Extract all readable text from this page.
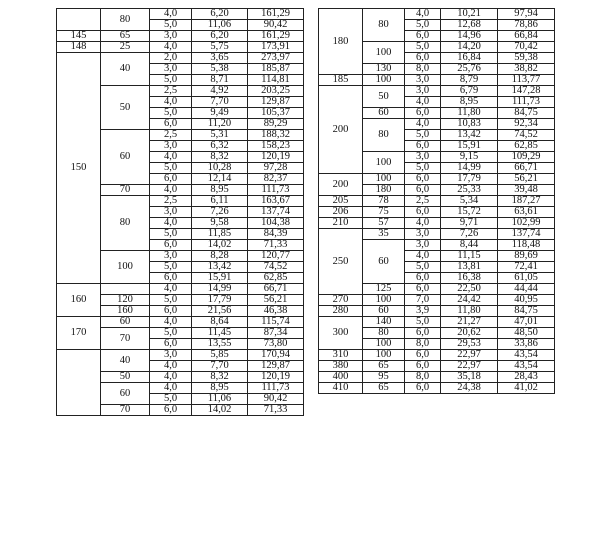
	80	4,0	6,20	161,29
		5,0	11,06	90,42
145	65	3,0	6,20	161,29
148	25	4,0	5,75	173,91
150	40	2,0	3,65	273,97
		3,0	5,38	185,87
		5,0	8,71	114,81
	50	2,5	4,92	203,25
		4,0	7,70	129,87
		5,0	9,49	105,37
		6,0	11,20	89,29
	60	2,5	5,31	188,32
		3,0	6,32	158,23
		4,0	8,32	120,19
		5,0	10,28	97,28
		6,0	12,14	82,37
	70	4,0	8,95	111,73
	80	2,5	6,11	163,67
		3,0	7,26	137,74
		4,0	9,58	104,38
		5,0	11,85	84,39
		6,0	14,02	71,33
	100	3,0	8,28	120,77
		5,0	13,42	74,52
		6,0	15,91	62,85
160		4,0	14,99	66,71
	120	5,0	17,79	56,21
	160	6,0	21,56	46,38
170	60	4,0	8,64	115,74
	70	5,0	11,45	87,34
		6,0	13,55	73,80
	40	3,0	5,85	170,94
		4,0	7,70	129,87
	50	4,0	8,32	120,19
	60	4,0	8,95	111,73
		5,0	11,06	90,42
	70	6,0	14,02	71,33
180	80	4,0	10,21	97,94
		5,0	12,68	78,86
		6,0	14,96	66,84
	100	5,0	14,20	70,42
		6,0	16,84	59,38
	130	8,0	25,76	38,82
185	100	3,0	8,79	113,77
200	50	3,0	6,79	147,28
		4,0	8,95	111,73
	60	6,0	11,80	84,75
	80	4,0	10,83	92,34
		5,0	13,42	74,52
		6,0	15,91	62,85
	100	3,0	9,15	109,29
		5,0	14,99	66,71
200	100	6,0	17,79	56,21
	180	6,0	25,33	39,48
205	78	2,5	5,34	187,27
206	75	6,0	15,72	63,61
210	57	4,0	9,71	102,99
250	35	3,0	7,26	137,74
	60	3,0	8,44	118,48
		4,0	11,15	89,69
		5,0	13,81	72,41
		6,0	16,38	61,05
	125	6,0	22,50	44,44
270	100	7,0	24,42	40,95
280	60	3,9	11,80	84,75
300	140	5,0	21,27	47,01
	80	6,0	20,62	48,50
	100	8,0	29,53	33,86
310	100	6,0	22,97	43,54
380	65	6,0	22,97	43,54
400	95	8,0	35,18	28,43
410	65	6,0	24,38	41,02
